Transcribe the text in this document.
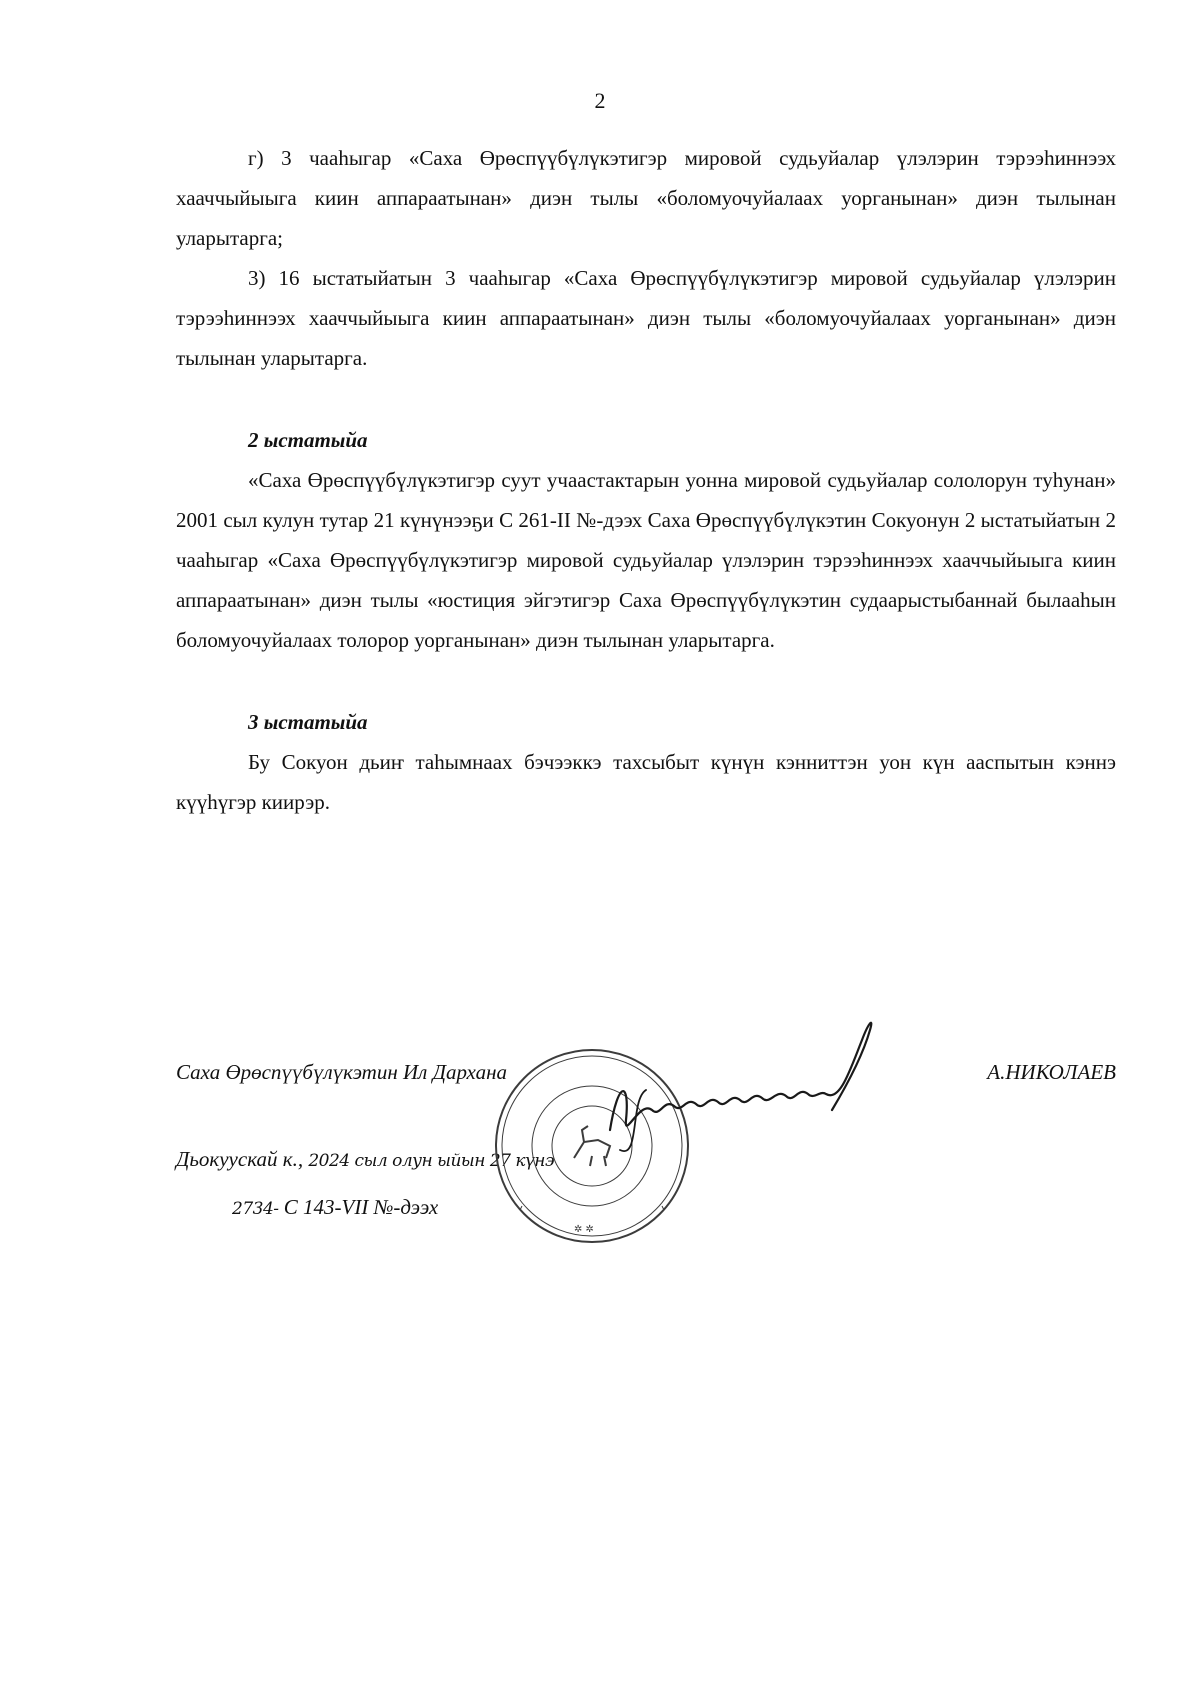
2

г) 3 чааһыгар «Саха Өрөспүүбүлүкэтигэр мировой судьуйалар үлэлэрин тэрээһиннээх хааччыйыыга киин аппараатынан» диэн тылы «боломуочуйалаах уорганынан» диэн тылынан уларытарга;

3) 16 ыстатыйатын 3 чааһыгар «Саха Өрөспүүбүлүкэтигэр мировой судьуйалар үлэлэрин тэрээһиннээх хааччыйыыга киин аппараатынан» диэн тылы «боломуочуйалаах уорганынан» диэн тылынан уларытарга.

2 ыстатыйа

«Саха Өрөспүүбүлүкэтигэр суут учаастактарын уонна мировой судьуйалар сололорун туһунан» 2001 сыл кулун тутар 21 күнүнээҕи С 261-II №-дээх Саха Өрөспүүбүлүкэтин Сокуонун 2 ыстатыйатын 2 чааһыгар «Саха Өрөспүүбүлүкэтигэр мировой судьуйалар үлэлэрин тэрээһиннээх хааччыйыыга киин аппараатынан» диэн тылы «юстиция эйгэтигэр Саха Өрөспүүбүлүкэтин судаарыстыбаннай былааһын боломуочуйалаах толорор уорганынан» диэн тылынан уларытарга.

3 ыстатыйа

Бу Сокуон дьиҥ таһымнаах бэчээккэ тахсыбыт күнүн кэнниттэн уон күн ааспытын кэннэ күүһүгэр киирэр.

Саха Өрөспүүбүлүкэтин Ил Дархана	А.НИКОЛАЕВ
Дьокуускай к., 2024 сыл олун ыйын 27 күнэ
2734- С 143-VII №-дээх
✲ ✲
